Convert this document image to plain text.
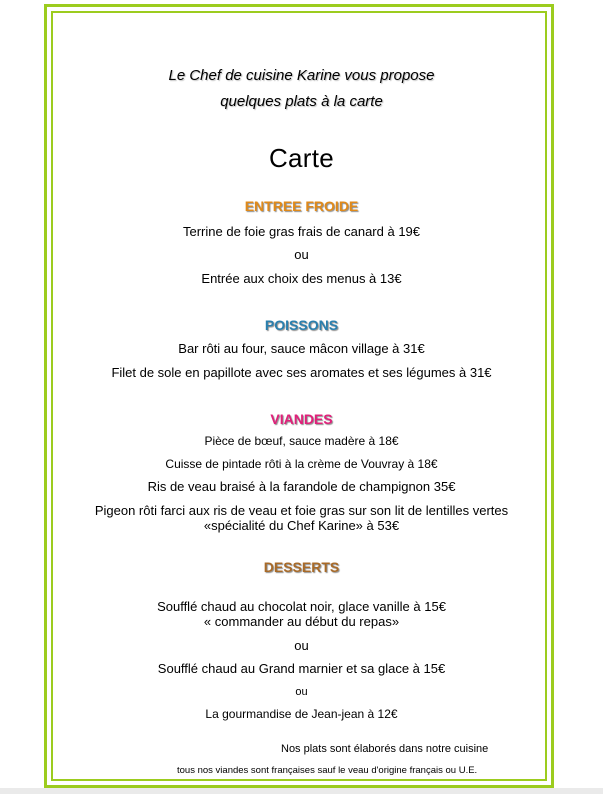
Le Chef de cuisine Karine vous propose
quelques plats à la carte
Carte
ENTREE FROIDE
Terrine de foie gras frais de canard à 19€
ou
Entrée aux choix des menus à 13€
POISSONS
Bar rôti au four, sauce mâcon village à 31€
Filet de sole en papillote avec ses aromates et ses légumes à 31€
VIANDES
Pièce de bœuf, sauce madère à 18€
Cuisse de pintade rôti à la crème de Vouvray à 18€
Ris de veau braisé à la farandole de champignon 35€
Pigeon rôti farci aux ris de veau et foie gras sur son lit de lentilles vertes
«spécialité du Chef Karine» à 53€
DESSERTS
Soufflé chaud au chocolat noir, glace vanille à 15€
« commander au début du repas»
ou
Soufflé chaud au Grand marnier et sa glace à 15€
ou
La gourmandise de Jean-jean à 12€
Nos plats sont élaborés dans notre cuisine
tous nos viandes sont françaises sauf le veau d'origine français ou U.E.
